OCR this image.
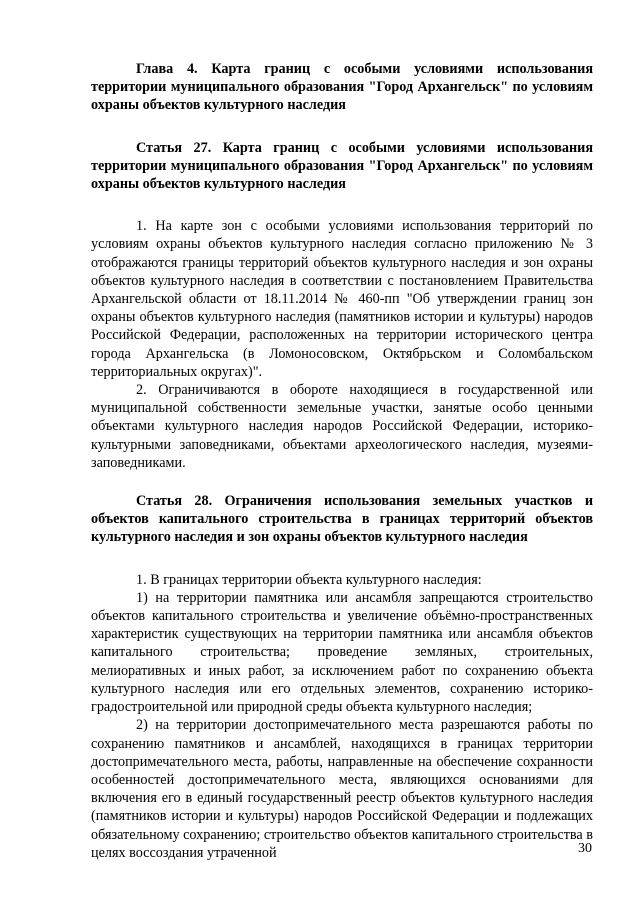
Глава 4. Карта границ с особыми условиями использования территории муниципального образования "Город Архангельск" по условиям охраны объектов культурного наследия

Статья 27. Карта границ с особыми условиями использования территории муниципального образования "Город Архангельск" по условиям охраны объектов культурного наследия

1. На карте зон с особыми условиями использования территорий по условиям охраны объектов культурного наследия согласно приложению № 3 отображаются границы территорий объектов культурного наследия и зон охраны объектов культурного наследия в соответствии с постановлением Правительства Архангельской области от 18.11.2014 № 460-пп "Об утверждении границ зон охраны объектов культурного наследия (памятников истории и культуры) народов Российской Федерации, расположенных на территории исторического центра города Архангельска (в Ломоносовском, Октябрьском и Соломбальском территориальных округах)".

2. Ограничиваются в обороте находящиеся в государственной или муниципальной собственности земельные участки, занятые особо ценными объектами культурного наследия народов Российской Федерации, историко-культурными заповедниками, объектами археологического наследия, музеями-заповедниками.

Статья 28. Ограничения использования земельных участков и объектов капитального строительства в границах территорий объектов культурного наследия и зон охраны объектов культурного наследия

1. В границах территории объекта культурного наследия:

1) на территории памятника или ансамбля запрещаются строительство объектов капитального строительства и увеличение объёмно-пространственных характеристик существующих на территории памятника или ансамбля объектов капитального строительства; проведение земляных, строительных, мелиоративных и иных работ, за исключением работ по сохранению объекта культурного наследия или его отдельных элементов, сохранению историко-градостроительной или природной среды объекта культурного наследия;

2) на территории достопримечательного места разрешаются работы по сохранению памятников и ансамблей, находящихся в границах территории достопримечательного места, работы, направленные на обеспечение сохранности особенностей достопримечательного места, являющихся основаниями для включения его в единый государственный реестр объектов культурного наследия (памятников истории и культуры) народов Российской Федерации и подлежащих обязательному сохранению; строительство объектов капитального строительства в целях воссоздания утраченной	30
